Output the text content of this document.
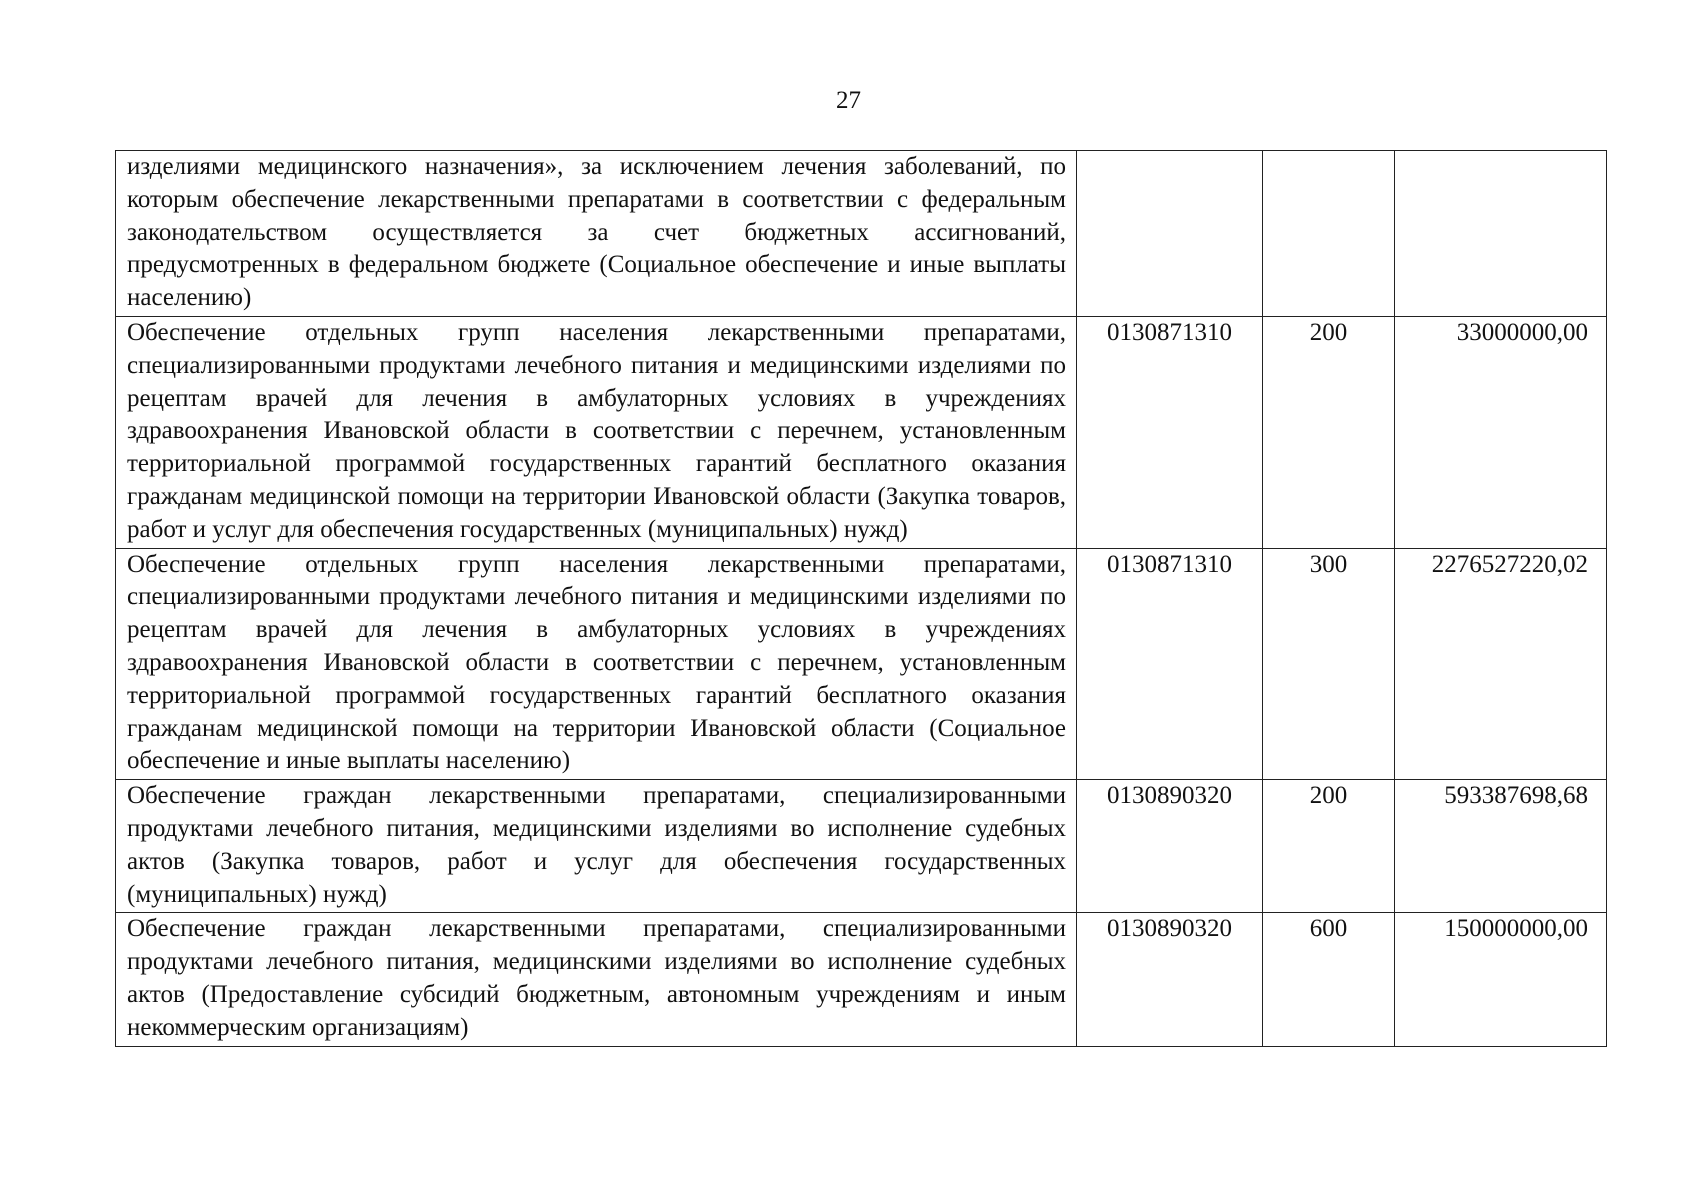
27
изделиями медицинского назначения», за исключением лечения заболеваний, по которым обеспечение лекарственными препаратами в соответствии с федеральным законодательством осуществляется за счет бюджетных ассигнований, предусмотренных в федеральном бюджете (Социальное обеспечение и иные выплаты населению)			
Обеспечение отдельных групп населения лекарственными препаратами, специализированными продуктами лечебного питания и медицинскими изделиями по рецептам врачей для лечения в амбулаторных условиях в учреждениях здравоохранения Ивановской области в соответствии с перечнем, установленным территориальной программой государственных гарантий бесплатного оказания гражданам медицинской помощи на территории Ивановской области (Закупка товаров, работ и услуг для обеспечения государственных (муниципальных) нужд)	0130871310	200	33000000,00
Обеспечение отдельных групп населения лекарственными препаратами, специализированными продуктами лечебного питания и медицинскими изделиями по рецептам врачей для лечения в амбулаторных условиях в учреждениях здравоохранения Ивановской области в соответствии с перечнем, установленным территориальной программой государственных гарантий бесплатного оказания гражданам медицинской помощи на территории Ивановской области (Социальное обеспечение и иные выплаты населению)	0130871310	300	2276527220,02
Обеспечение граждан лекарственными препаратами, специализированными продуктами лечебного питания, медицинскими изделиями во исполнение судебных актов (Закупка товаров, работ и услуг для обеспечения государственных (муниципальных) нужд)	0130890320	200	593387698,68
Обеспечение граждан лекарственными препаратами, специализированными продуктами лечебного питания, медицинскими изделиями во исполнение судебных актов (Предоставление субсидий бюджетным, автономным учреждениям и иным некоммерческим организациям)	0130890320	600	150000000,00
